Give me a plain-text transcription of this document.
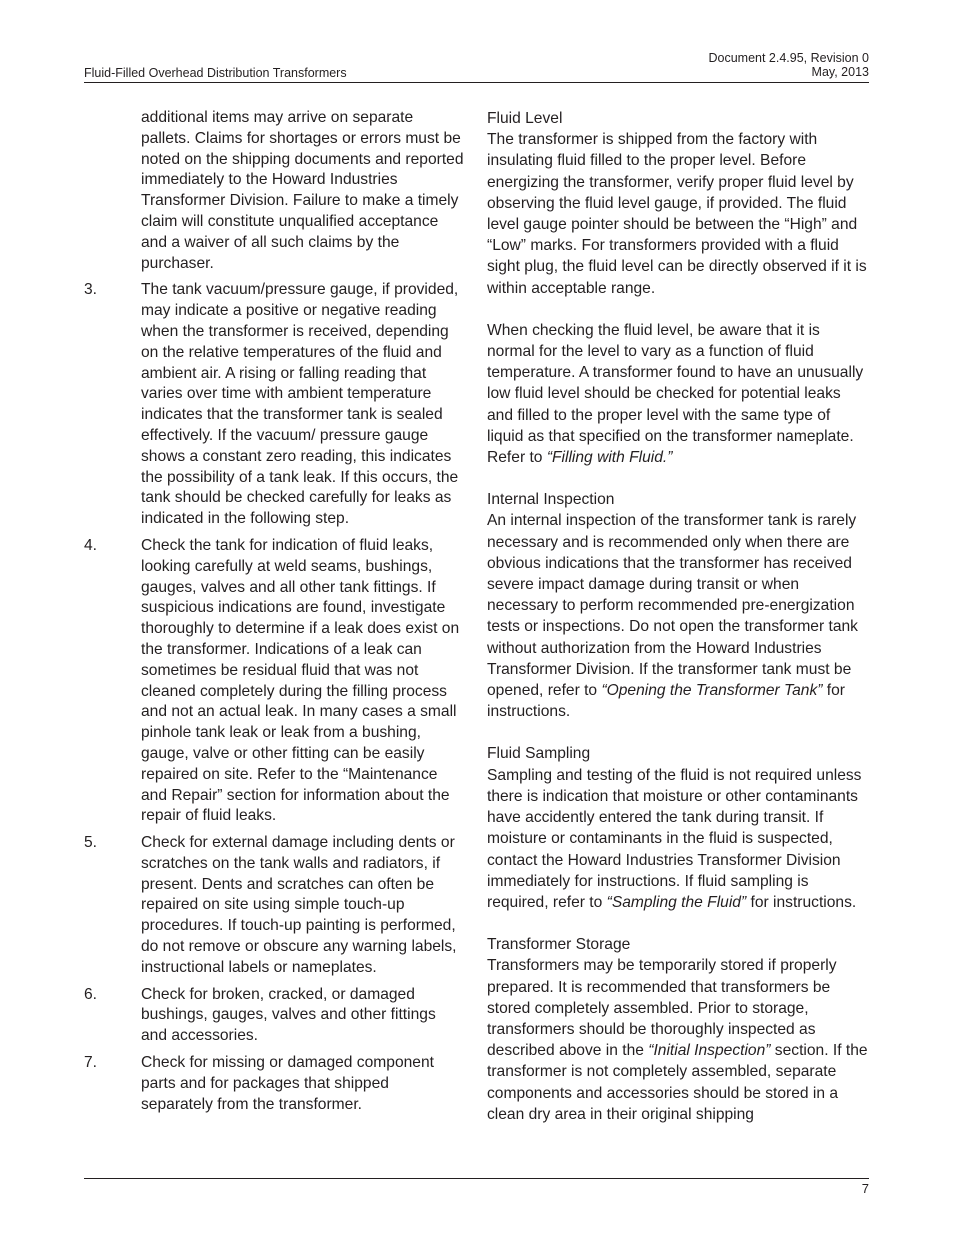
Fluid-Filled Overhead Distribution Transformers
Document 2.4.95, Revision 0
May, 2013

additional items may arrive on separate pallets. Claims for shortages or errors must be noted on the shipping documents and reported immediately to the Howard Industries Transformer Division. Failure to make a timely claim will constitute unqualified acceptance and a waiver of all such claims by the purchaser.

3.	The tank vacuum/pressure gauge, if provided, may indicate a positive or negative reading when the transformer is received, depending on the relative temperatures of the fluid and ambient air. A rising or falling reading that varies over time with ambient temperature indicates that the transformer tank is sealed effectively. If the vacuum/ pressure gauge shows a constant zero reading, this indicates the possibility of a tank leak. If this occurs, the tank should be checked carefully for leaks as indicated in the following step.
4.	Check the tank for indication of fluid leaks, looking carefully at weld seams, bushings, gauges, valves and all other tank fittings. If suspicious indications are found, investigate thoroughly to determine if a leak does exist on the transformer. Indications of a leak can sometimes be residual fluid that was not cleaned completely during the filling process and not an actual leak. In many cases a small pinhole tank leak or leak from a bushing, gauge, valve or other fitting can be easily repaired on site. Refer to the “Maintenance and Repair” section for information about the repair of fluid leaks.
5.	Check for external damage including dents or scratches on the tank walls and radiators, if present. Dents and scratches can often be repaired on site using simple touch-up procedures. If touch-up painting is performed, do not remove or obscure any warning labels, instructional labels or nameplates.
6.	Check for broken, cracked, or damaged bushings, gauges, valves and other fittings and accessories.
7.	Check for missing or damaged component parts and for packages that shipped separately from the transformer.
Fluid Level

The transformer is shipped from the factory with insulating fluid filled to the proper level. Before energizing the transformer, verify proper fluid level by observing the fluid level gauge, if provided. The fluid level gauge pointer should be between the “High” and “Low” marks. For transformers provided with a fluid sight plug, the fluid level can be directly observed if it is within acceptable range.

When checking the fluid level, be aware that it is normal for the level to vary as a function of fluid temperature. A transformer found to have an unusually low fluid level should be checked for potential leaks and filled to the proper level with the same type of liquid as that specified on the transformer nameplate. Refer to “Filling with Fluid.”

Internal Inspection

An internal inspection of the transformer tank is rarely necessary and is recommended only when there are obvious indications that the transformer has received severe impact damage during transit or when necessary to perform recommended pre-energization tests or inspections. Do not open the transformer tank without authorization from the Howard Industries Transformer Division. If the transformer tank must be opened, refer to “Opening the Transformer Tank” for instructions.

Fluid Sampling

Sampling and testing of the fluid is not required unless there is indication that moisture or other contaminants have accidently entered the tank during transit. If moisture or contaminants in the fluid is suspected, contact the Howard Industries Transformer Division immediately for instructions. If fluid sampling is required, refer to “Sampling the Fluid” for instructions.

Transformer Storage

Transformers may be temporarily stored if properly prepared. It is recommended that transformers be stored completely assembled. Prior to storage, transformers should be thoroughly inspected as described above in the “Initial Inspection” section. If the transformer is not completely assembled, separate components and accessories should be stored in a clean dry area in their original shipping

7
